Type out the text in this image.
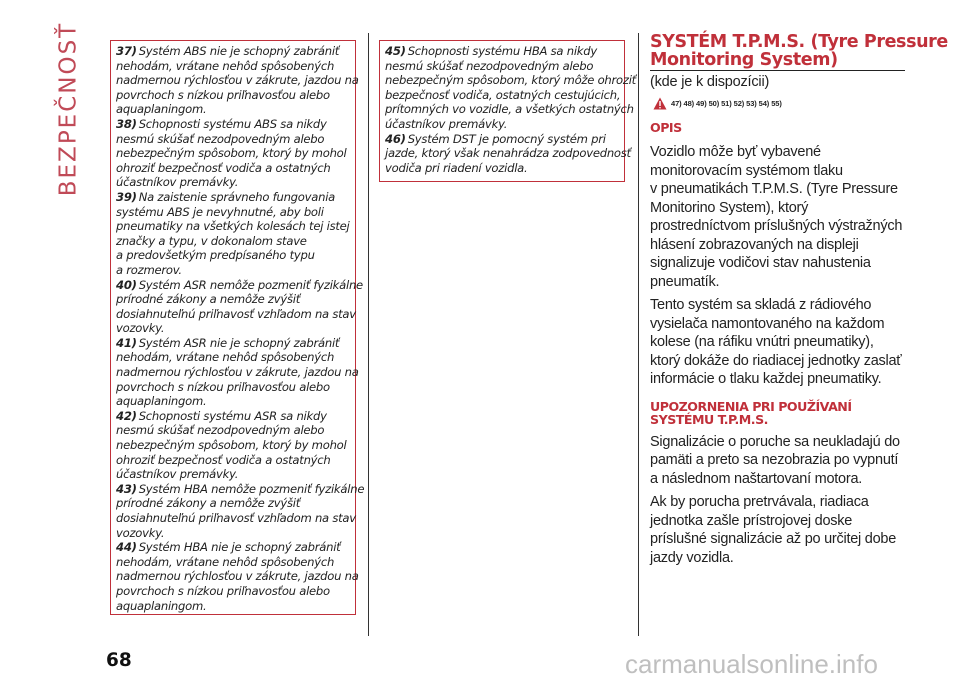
BEZPEČNOSŤ	37) Systém ABS nie je schopný zabrániť
nehodám, vrátane nehôd spôsobených
nadmernou rýchlosťou v zákrute, jazdou na
povrchoch s nízkou priľnavosťou alebo
aquaplaningom.
38) Schopnosti systému ABS sa nikdy
nesmú skúšať nezodpovedným alebo
nebezpečným spôsobom, ktorý by mohol
ohroziť bezpečnosť vodiča a ostatných
účastníkov premávky.
39) Na zaistenie správneho fungovania
systému ABS je nevyhnutné, aby boli
pneumatiky na všetkých kolesách tej istej
značky a typu, v dokonalom stave
a predovšetkým predpísaného typu
a rozmerov.
40) Systém ASR nemôže pozmeniť fyzikálne
prírodné zákony a nemôže zvýšiť
dosiahnuteľnú priľnavosť vzhľadom na stav
vozovky.
41) Systém ASR nie je schopný zabrániť
nehodám, vrátane nehôd spôsobených
nadmernou rýchlosťou v zákrute, jazdou na
povrchoch s nízkou priľnavosťou alebo
aquaplaningom.
42) Schopnosti systému ASR sa nikdy
nesmú skúšať nezodpovedným alebo
nebezpečným spôsobom, ktorý by mohol
ohroziť bezpečnosť vodiča a ostatných
účastníkov premávky.
43) Systém HBA nemôže pozmeniť fyzikálne
prírodné zákony a nemôže zvýšiť
dosiahnuteľnú priľnavosť vzhľadom na stav
vozovky.
44) Systém HBA nie je schopný zabrániť
nehodám, vrátane nehôd spôsobených
nadmernou rýchlosťou v zákrute, jazdou na
povrchoch s nízkou priľnavosťou alebo
aquaplaningom.
45) Schopnosti systému HBA sa nikdy
nesmú skúšať nezodpovedným alebo
nebezpečným spôsobom, ktorý môže ohroziť
bezpečnosť vodiča, ostatných cestujúcich,
prítomných vo vozidle, a všetkých ostatných
účastníkov premávky.
46) Systém DST je pomocný systém pri
jazde, ktorý však nenahrádza zodpovednosť
vodiča pri riadení vozidla.
SYSTÉM T.P.M.S. (Tyre Pressure
Monitoring System)
(kde je k dispozícii)
47) 48) 49) 50) 51) 52) 53) 54) 55)
OPIS
Vozidlo môže byť vybavené
monitorovacím systémom tlaku
v pneumatikách T.P.M.S. (Tyre Pressure
Monitorino System), ktorý
prostredníctvom príslušných výstražných
hlásení zobrazovaných na displeji
signalizuje vodičovi stav nahustenia
pneumatík.
Tento systém sa skladá z rádiového
vysielača namontovaného na každom
kolese (na ráfiku vnútri pneumatiky),
ktorý dokáže do riadiacej jednotky zaslať
informácie o tlaku každej pneumatiky.
UPOZORNENIA PRI POUŽÍVANÍ
SYSTÉMU T.P.M.S.
Signalizácie o poruche sa neukladajú do
pamäti a preto sa nezobrazia po vypnutí
a následnom naštartovaní motora.
Ak by porucha pretrvávala, riadiaca
jednotka zašle prístrojovej doske
príslušné signalizácie až po určitej dobe
jazdy vozidla.
68	carmanualsonline.info
